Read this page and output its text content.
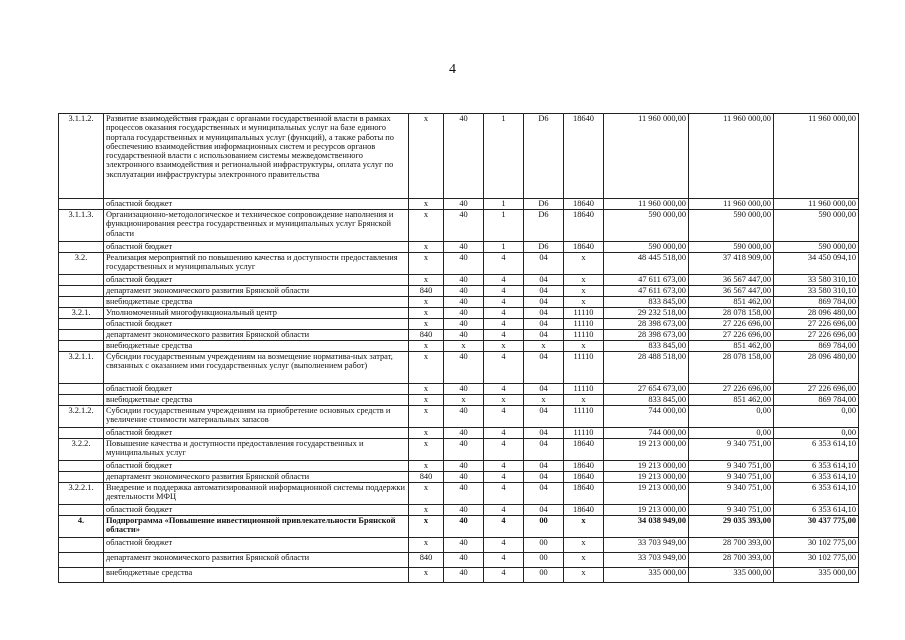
4
3.1.1.2.	Развитие взаимодействия граждан с органами государственной власти в рамках процессов оказания государственных и муниципальных услуг на базе единого портала государственных и муниципальных услуг (функций), а также работы по обеспечению взаимодействия информационных систем и ресурсов органов государственной власти с использованием системы межведомственного электронного взаимодействия и региональной инфраструктуры, оплата услуг по эксплуатации инфраструктуры электронного правительства	x	40	1	D6	18640	11 960 000,00	11 960 000,00	11 960 000,00
	областной бюджет	x	40	1	D6	18640	11 960 000,00	11 960 000,00	11 960 000,00
3.1.1.3.	Организационно-методологическое и техническое сопровождение наполнения и функционирования реестра государственных и муниципальных услуг Брянской области	x	40	1	D6	18640	590 000,00	590 000,00	590 000,00
	областной бюджет	x	40	1	D6	18640	590 000,00	590 000,00	590 000,00
3.2.	Реализация мероприятий по повышению качества и доступности предоставления государственных и муниципальных услуг	x	40	4	04	x	48 445 518,00	37 418 909,00	34 450 094,10
	областной бюджет	x	40	4	04	x	47 611 673,00	36 567 447,00	33 580 310,10
	департамент экономического развития Брянской области	840	40	4	04	x	47 611 673,00	36 567 447,00	33 580 310,10
	внебюджетные средства	x	40	4	04	x	833 845,00	851 462,00	869 784,00
3.2.1.	Уполномоченный многофункциональный центр	x	40	4	04	11110	29 232 518,00	28 078 158,00	28 096 480,00
	областной бюджет	x	40	4	04	11110	28 398 673,00	27 226 696,00	27 226 696,00
	департамент экономического развития Брянской области	840	40	4	04	11110	28 398 673,00	27 226 696,00	27 226 696,00
	внебюджетные средства	x	x	x	x	x	833 845,00	851 462,00	869 784,00
3.2.1.1.	Субсидии государственным учреждениям на возмещение норматива-ных затрат, связанных с оказанием ими государственных услуг (выполнением работ)	x	40	4	04	11110	28 488 518,00	28 078 158,00	28 096 480,00
	областной бюджет	x	40	4	04	11110	27 654 673,00	27 226 696,00	27 226 696,00
	внебюджетные средства	x	x	x	x	x	833 845,00	851 462,00	869 784,00
3.2.1.2.	Субсидии государственным учреждениям на приобретение основных средств и увеличение стоимости материальных запасов	x	40	4	04	11110	744 000,00	0,00	0,00
	областной бюджет	x	40	4	04	11110	744 000,00	0,00	0,00
3.2.2.	Повышение качества и доступности предоставления государственных и муниципальных услуг	x	40	4	04	18640	19 213 000,00	9 340 751,00	6 353 614,10
	областной бюджет	x	40	4	04	18640	19 213 000,00	9 340 751,00	6 353 614,10
	департамент экономического развития Брянской области	840	40	4	04	18640	19 213 000,00	9 340 751,00	6 353 614,10
3.2.2.1.	Внедрение и поддержка автоматизированной информационной системы поддержки деятельности МФЦ	x	40	4	04	18640	19 213 000,00	9 340 751,00	6 353 614,10
	областной бюджет	x	40	4	04	18640	19 213 000,00	9 340 751,00	6 353 614,10
4.	Подпрограмма «Повышение инвестиционной привлекательности Брянской области»	x	40	4	00	x	34 038 949,00	29 035 393,00	30 437 775,00
	областной бюджет	x	40	4	00	x	33 703 949,00	28 700 393,00	30 102 775,00
	департамент экономического развития Брянской области	840	40	4	00	x	33 703 949,00	28 700 393,00	30 102 775,00
	внебюджетные средства	x	40	4	00	x	335 000,00	335 000,00	335 000,00
